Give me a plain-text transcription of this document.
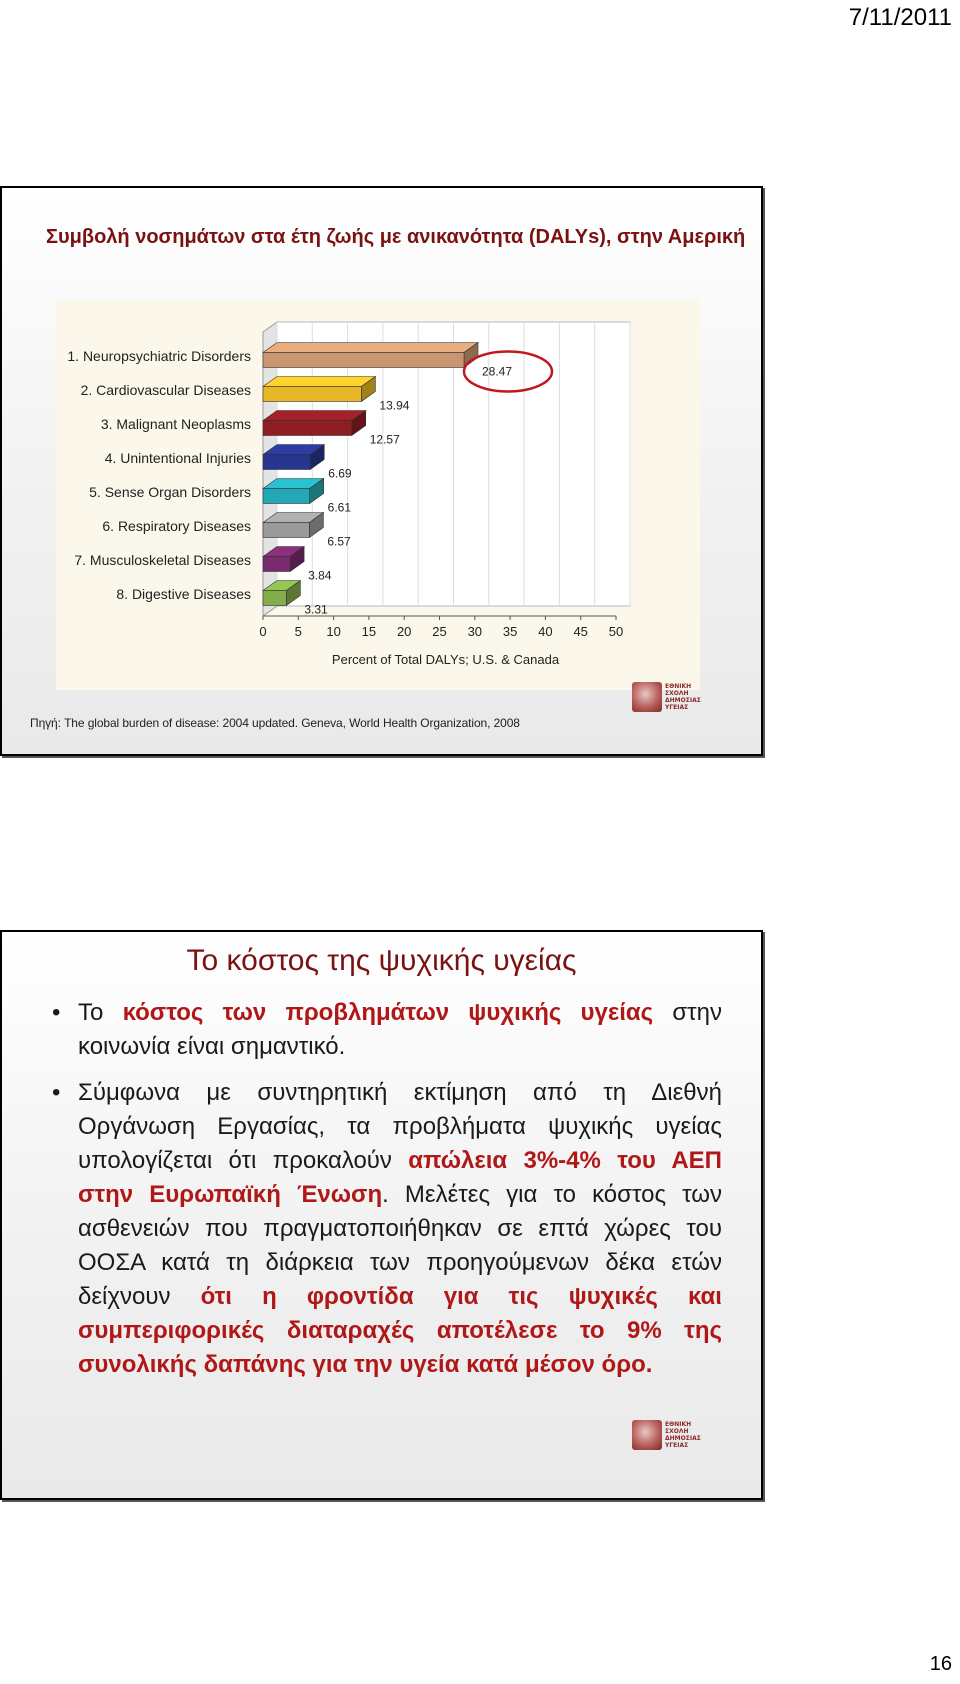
7/11/2011
Συμβολή νοσημάτων στα έτη ζωής με ανικανότητα (DALYs), στην Αμερική
0 5 10 15 20 25 30 35 40 45 50
Percent of Total DALYs; U.S. & Canada
1. Neuropsychiatric Disorders
28.47
2. Cardiovascular Diseases
13.94
3. Malignant Neoplasms
12.57
4. Unintentional Injuries
6.69
5. Sense Organ Disorders
6.61
6. Respiratory Diseases
6.57
7. Musculoskeletal Diseases
3.84
8. Digestive Diseases
3.31
Πηγή: The global burden of disease: 2004 updated. Geneva, World Health Organization, 2008
ΕΘΝΙΚΗ ΣΧΟΛΗ ΔΗΜΟΣΙΑΣ ΥΓΕΙΑΣ
Το κόστος της ψυχικής υγείας
• Το κόστος των προβλημάτων ψυχικής υγείας στην κοινωνία είναι σημαντικό.
• Σύμφωνα με συντηρητική εκτίμηση από τη Διεθνή Οργάνωση Εργασίας, τα προβλήματα ψυχικής υγείας υπολογίζεται ότι προκαλούν απώλεια 3%-4% του ΑΕΠ στην Ευρωπαϊκή Ένωση. Μελέτες για το κόστος των ασθενειών που πραγματοποιήθηκαν σε επτά χώρες του ΟΟΣΑ κατά τη διάρκεια των προηγούμενων δέκα ετών δείχνουν ότι η φροντίδα για τις ψυχικές και συμπεριφορικές διαταραχές αποτέλεσε το 9% της συνολικής δαπάνης για την υγεία κατά μέσον όρο.
ΕΘΝΙΚΗ ΣΧΟΛΗ ΔΗΜΟΣΙΑΣ ΥΓΕΙΑΣ
16
